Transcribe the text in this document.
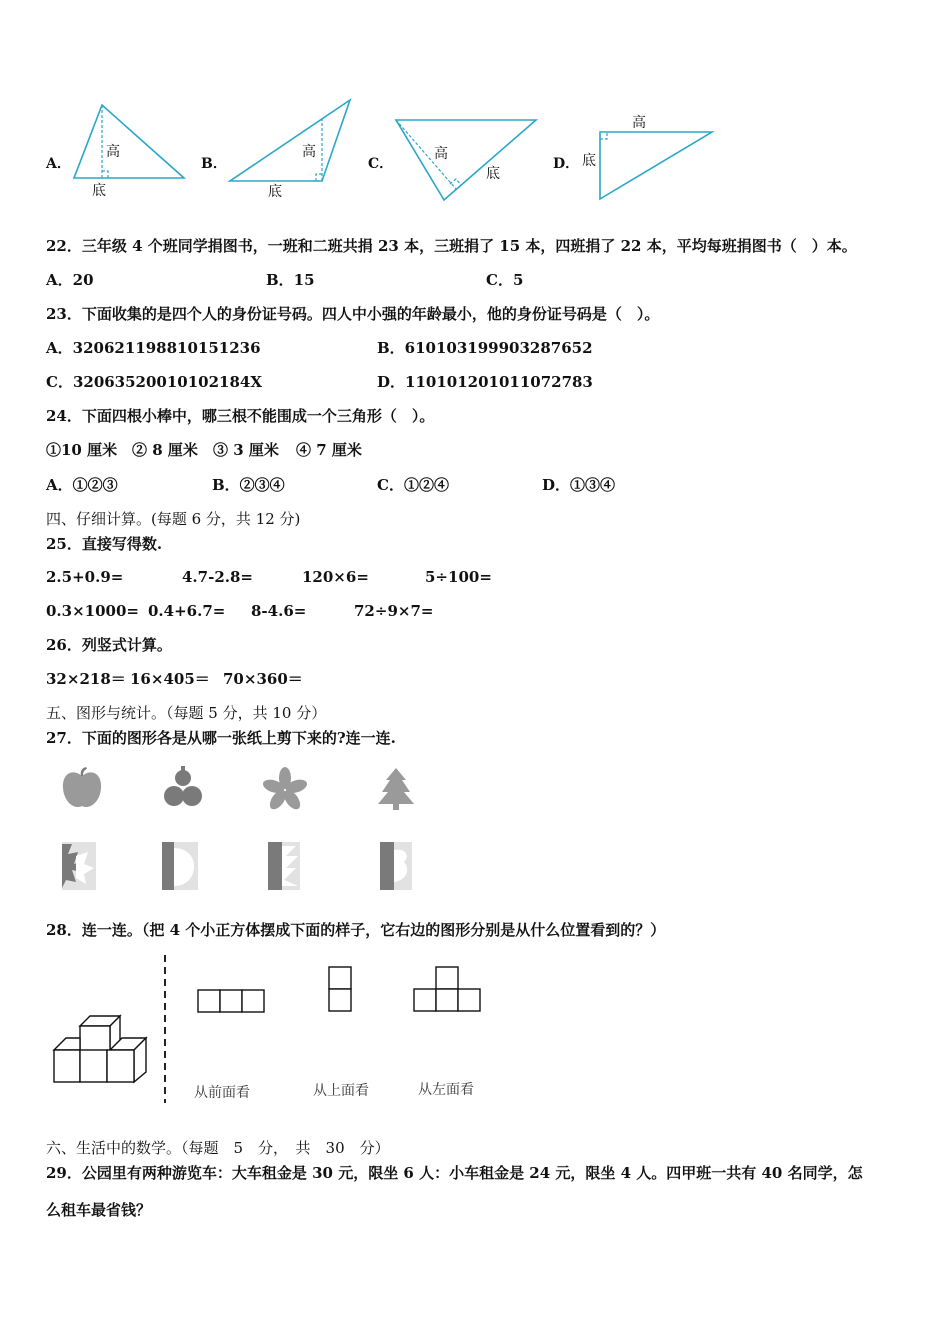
A．
高
底
B．
高
底
C．
高
底
D．
高
底
22．三年级 4 个班同学捐图书，一班和二班共捐 23 本，三班捐了 15 本，四班捐了 22 本，平均每班捐图书（　）本。
A．20	B．15	C．5
23．下面收集的是四个人的身份证号码。四人中小强的年龄最小，他的身份证号码是（　）。
A．320621198810151236	B．610103199903287652
C．32063520010102184X	D．110101201011072783
24．下面四根小棒中，哪三根不能围成一个三角形（　）。
①10 厘米 ② 8 厘米 ③ 3 厘米 ④ 7 厘米
A．①②③	B．②③④	C．①②④	D．①③④
四、仔细计算。(每题 6 分，共 12 分)
25．直接写得数.
2.5+0.9=	4.7-2.8=	120×6=	5÷100=
0.3×1000= 0.4+6.7= 8-4.6=	72÷9×7=
26．列竖式计算。
32×218＝ 16×405＝ 70×360＝
五、图形与统计。（每题 5 分，共 10 分）
27．下面的图形各是从哪一张纸上剪下来的?连一连.
28．连一连。（把 4 个小正方体摆成下面的样子，它右边的图形分别是从什么位置看到的？）
从前面看	从上面看	从左面看
六、生活中的数学。（每题　5　分，　共　30　分）
29．公园里有两种游览车：大车租金是 30 元，限坐 6 人：小车租金是 24 元，限坐 4 人。四甲班一共有 40 名同学，怎
么租车最省钱？
